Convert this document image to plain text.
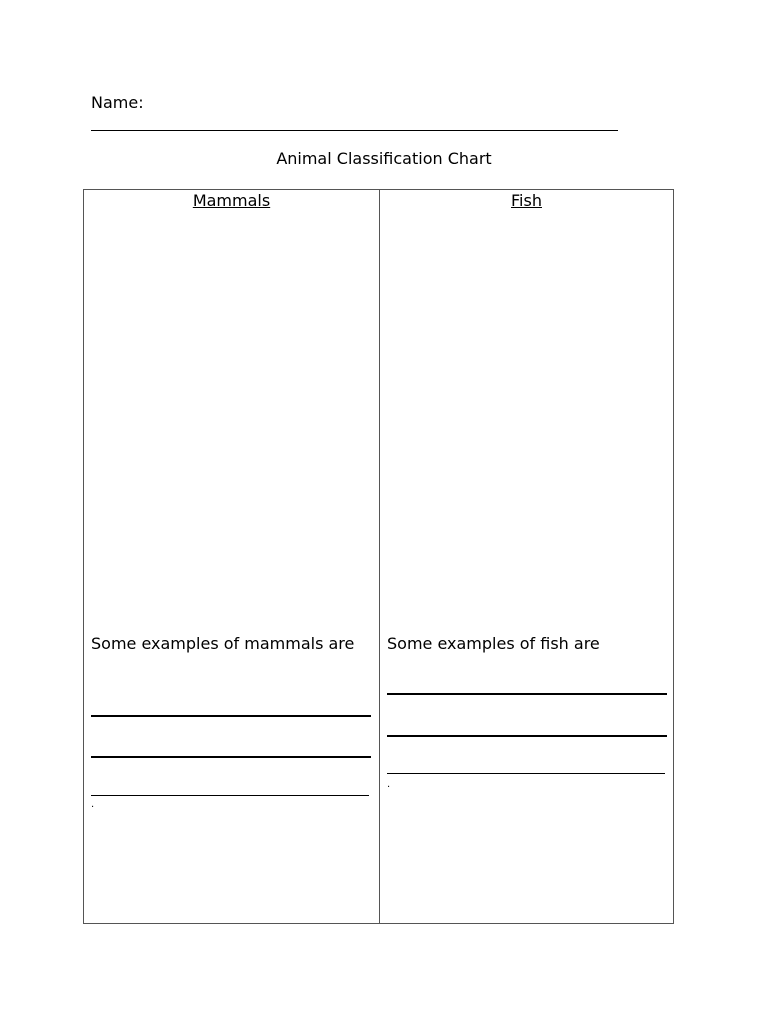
Name:
Animal Classification Chart
Mammals	Fish
Some examples of mammals are
.
Some examples of fish are
.
